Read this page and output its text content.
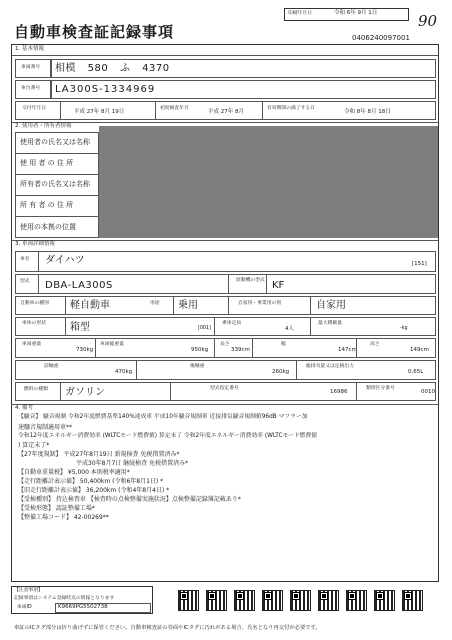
自動車検査証記録事項
印刷年月日	令和 6年 9月 1日	90
0406240097001
1. 基本情報
車両番号 相模 580 ふ 4370
車台番号 LA300S-1334969
交付年月日
平成 27年 8月 19日
初度検査年月
平成 27年 8月
有効期間の満了する日
令和 8年 8月 18日
2. 使用者・所有者情報
使用者の氏名又は名称
使 用 者 の 住 所
所有者の氏名又は名称
所 有 者 の 住 所
使用の本拠の位置
3. 車両詳細情報
車名 ダイハツ	[151]
型式 DBA-LA300S	原動機の型式 KF
自動車の種別 軽自動車	用途 乗用	自家用・事業用の別	自家用
車体の形状 箱型	[001]
乗車定員
4人
最大積載量
-kg
車両重量
730kg
車両総重量
950kg
長さ
339cm
幅
147cm
高さ
149cm
前軸重
470kg
後軸重
260kg
総排気量又は定格出力
0.65L
燃料の種類 ガソリン	型式指定番号
16986
類別区分番号
0010
4. 備考
【騒音】 騒音規制 令和2年度燃費基準140%達成車 平成10年騒音規制車 近接排気騒音規制値96dB マフラー加
速騒音規制適用車**
令和12年度エネルギー消費効率 (WLTCモード燃費値) 算定未了 令和2年度エネルギー消費効率 (WLTCモード燃費値
) 算定未了*
【27年度規制】 平成27年8月19日 新規検査 免税措置済み*
平成30年8月7日 継続検査 免税措置済み*
【自動車重量税】 ¥5,000 本則税率適用*
【走行距離計表示値】 50,400km (令和6年8月1日) *
【旧走行距離計表示値】 36,200km (令和4年8月4日) *
【受検種別】 持込検査車 【検査時の点検整備実施状況】点検整備記録簿記載あり*
【受検形態】 認証整備工場*
【整備工場コード】 42-00269**
【注意事項】
記録事項はシステム登録時点の情報となります
車両ID	K9669PG5502738
車証のICタグ部分は折り曲げずに保管ください。自動車検査証の券面やICタグに汚れがある場合、氏名となり再交付が必要です。
